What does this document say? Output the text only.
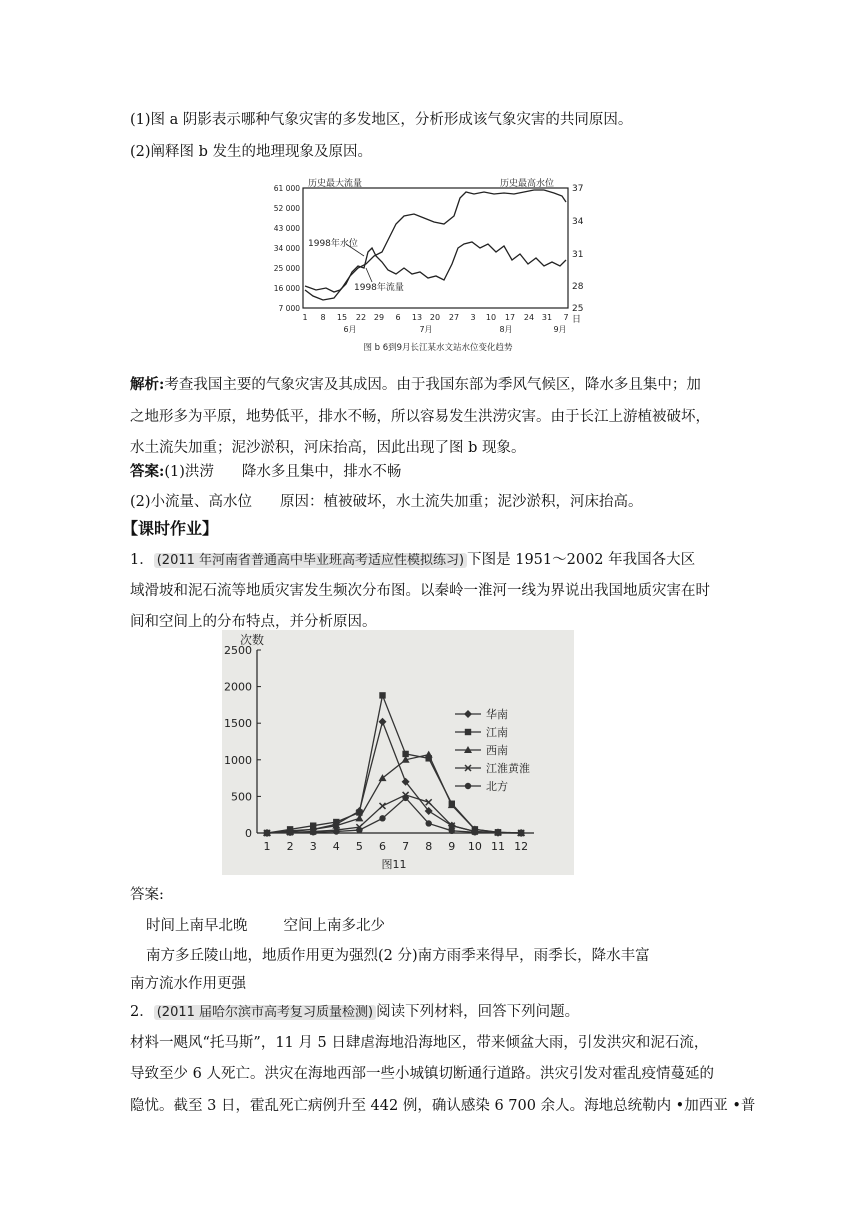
(1)图 a 阴影表示哪种气象灾害的多发地区，分析形成该气象灾害的共同原因。
(2)阐释图 b 发生的地理现象及原因。
61 000
52 000
43 000
34 000
25 000
16 000
7 000
37
34
31
28
25
1 8 15 22 29 6 13 20 27 3 10 17 24 31 7
6月	7月	8月	9月
日
历史最大流量	历史最高水位
1998年水位
1998年流量
图 b 6到9月长江某水文站水位变化趋势
解析:考查我国主要的气象灾害及其成因。由于我国东部为季风气候区，降水多且集中；加
之地形多为平原，地势低平，排水不畅，所以容易发生洪涝灾害。由于长江上游植被破坏，
水土流失加重；泥沙淤积，河床抬高，因此出现了图 b 现象。
答案:(1)洪涝 降水多且集中，排水不畅
(2)小流量、高水位 原因：植被破坏，水土流失加重；泥沙淤积，河床抬高。
【课时作业】
1． (2011 年河南省普通高中毕业班高考适应性模拟练习) 下图是 1951～2002 年我国各大区
域滑坡和泥石流等地质灾害发生频次分布图。以秦岭一淮河一线为界说出我国地质灾害在时
间和空间上的分布特点，并分析原因。
次数
2500
2000
1500
1000
500
0
1 2 3 4 5 6 7 8 9 10 11 12
华南
江南
西南
江淮黄淮
北方
图11
答案:
时间上南早北晚 空间上南多北少
南方多丘陵山地，地质作用更为强烈(2 分)南方雨季来得早，雨季长，降水丰富
南方流水作用更强
2． (2011 届哈尔滨市高考复习质量检测) 阅读下列材料，回答下列问题。
材料一飓风“托马斯”，11 月 5 日肆虐海地沿海地区，带来倾盆大雨，引发洪灾和泥石流，
导致至少 6 人死亡。洪灾在海地西部一些小城镇切断通行道路。洪灾引发对霍乱疫情蔓延的
隐忧。截至 3 日，霍乱死亡病例升至 442 例，确认感染 6 700 余人。海地总统勒内 •加西亚 •普
